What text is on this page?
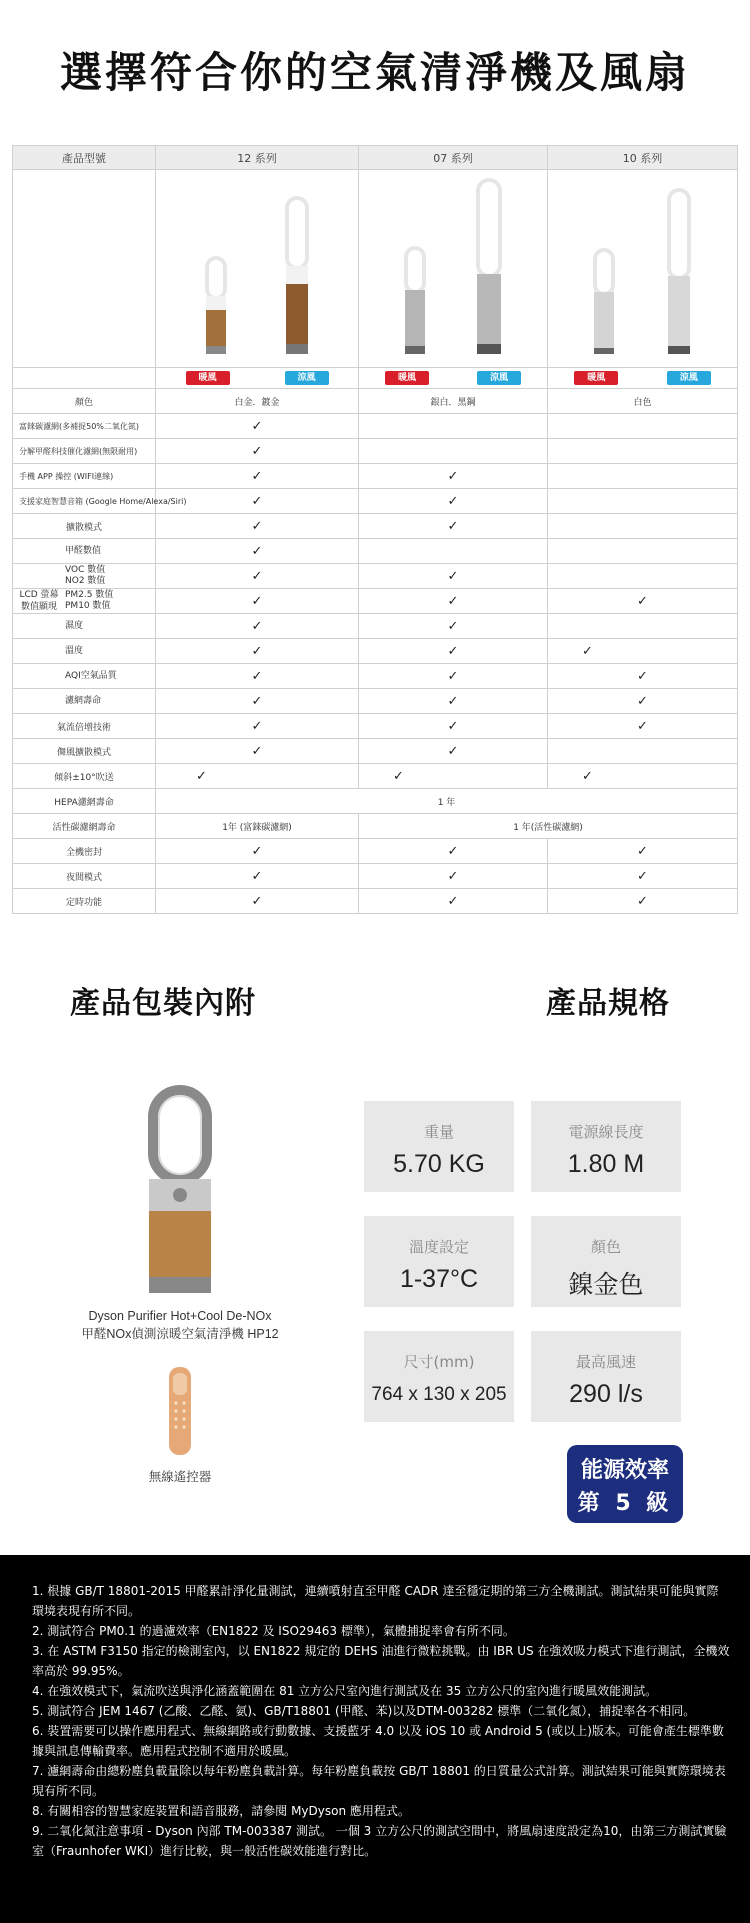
選擇符合你的空氣清淨機及風扇
產品型號	12 系列	07 系列	10 系列

	暖風 涼風	暖風 涼風	暖風 涼風

顏色	白金．鍍金	銀白．黑鋼	白色
富錸碳濾網(多補捉50%二氧化氮)	✓		
分解甲醛科技催化濾網(無限耐用)	✓		
手機 APP 操控 (WIFI連線)	✓	✓	
支援家庭智慧音箱 (Google Home/Alexa/Siri)	✓	✓	
擴散模式	✓	✓	

甲醛數值	✓		

VOC 數值
NO2 數值	✓	✓	

LCD 螢幕
數值顯現
PM2.5 數值
PM10 數值	✓	✓	✓

濕度	✓	✓	

溫度	✓	✓	✓

AQI空氣品質	✓	✓	✓

濾網壽命	✓	✓	✓
氣流倍增技術	✓	✓	✓
儛風擴散模式	✓	✓	
傾斜±10°吹送	✓	✓	✓
HEPA濾網壽命	1 年		
活性碳濾網壽命	1年 (富錸碳濾網)	1 年(活性碳濾網)	
全機密封	✓	✓	✓
夜間模式	✓	✓	✓
定時功能	✓	✓	✓
產品包裝內附	產品規格

Dyson Purifier Hot+Cool De-NOx

甲醛NOx偵測涼暖空氣清淨機 HP12

無線遙控器

重量
5.70 KG
電源線長度
1.80 M
溫度設定
1-37°C
顏色
鎳金色
尺寸(mm)
764 x 130 x 205
最高風速
290 l/s
能源效率
第 5 級

1. 根據 GB/T 18801-2015 甲醛累計淨化量測試，連續噴射直至甲醛 CADR 達至穩定期的第三方全機測試。測試結果可能與實際環境表現有所不同。

2. 測試符合 PM0.1 的過濾效率（EN1822 及 ISO29463 標準），氣體捕捉率會有所不同。

3. 在 ASTM F3150 指定的檢測室內，以 EN1822 規定的 DEHS 油進行微粒挑戰。由 IBR US 在強效吸力模式下進行測試，全機效率高於 99.95%。

4. 在強效模式下，氣流吹送與淨化涵蓋範圍在 81 立方公尺室內進行測試及在 35 立方公尺的室內進行暖風效能測試。

5. 測試符合 JEM 1467 (乙酸、乙醛、氨)、GB/T18801 (甲醛、苯)以及DTM-003282 標準（二氧化氮），捕捉率各不相同。

6. 裝置需要可以操作應用程式、無線網路或行動數據、支援藍牙 4.0 以及 iOS 10 或 Android 5 (或以上)版本。可能會產生標準數據與訊息傳輸費率。應用程式控制不適用於暖風。

7. 濾網壽命由總粉塵負載量除以每年粉塵負載計算。每年粉塵負載按 GB/T 18801 的日質量公式計算。測試結果可能與實際環境表現有所不同。

8. 有關相容的智慧家庭裝置和語音服務，請參閱 MyDyson 應用程式。

9. 二氧化氮注意事項 - Dyson 內部 TM-003387 測試。 一個 3 立方公尺的測試空間中，將風扇速度設定為10，由第三方測試實驗室（Fraunhofer WKI）進行比較，與一般活性碳效能進行對比。
